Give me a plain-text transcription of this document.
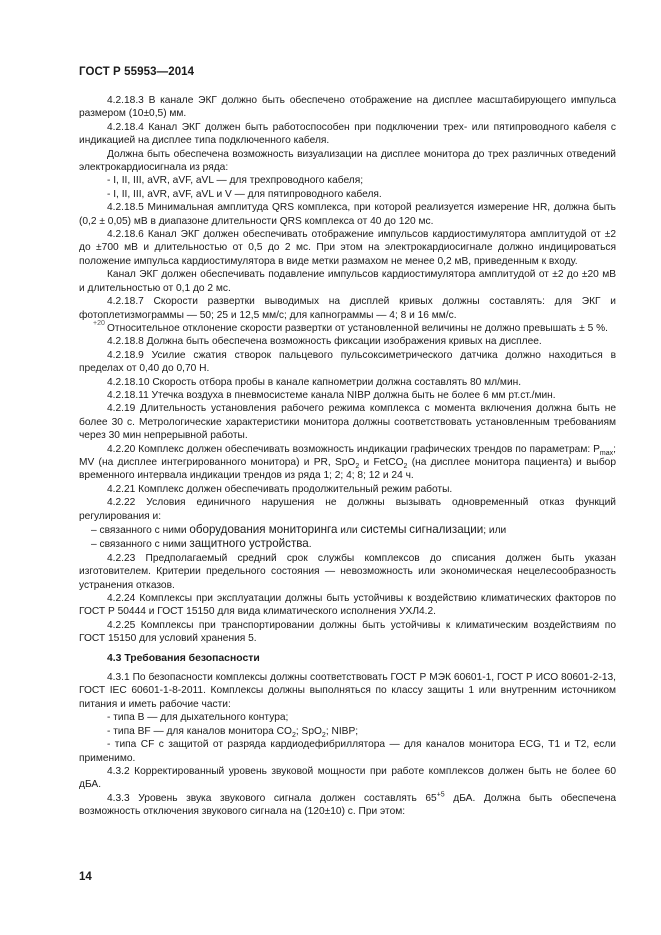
ГОСТ Р 55953—2014
+20

4.2.18.3 В канале ЭКГ должно быть обеспечено отображение на дисплее масштабирующего импульса размером (10±0,5) мм.

4.2.18.4 Канал ЭКГ должен быть работоспособен при подключении трех- или пятипроводного кабеля с индикацией на дисплее типа подключенного кабеля.

Должна быть обеспечена возможность визуализации на дисплее монитора до трех различных отведений электрокардиосигнала из ряда:

- I, II, III, aVR, aVF, aVL — для трехпроводного кабеля;

- I, II, III, aVR, aVF, aVL и V — для пятипроводного кабеля.

4.2.18.5 Минимальная амплитуда QRS комплекса, при которой реализуется измерение HR, должна быть (0,2 ± 0,05) мВ в диапазоне длительности QRS комплекса от 40 до 120 мс.

4.2.18.6 Канал ЭКГ должен обеспечивать отображение импульсов кардиостимулятора амплитудой от ±2 до ±700 мВ и длительностью от 0,5 до 2 мс. При этом на электрокардиосигнале должно индицироваться положение импульса кардиостимулятора в виде метки размахом не менее 0,2 мВ, приведенным к входу.

Канал ЭКГ должен обеспечивать подавление импульсов кардиостимулятора амплитудой от ±2 до ±20 мВ и длительностью от 0,1 до 2 мс.

4.2.18.7 Скорости развертки выводимых на дисплей кривых должны составлять: для ЭКГ и фотоплетизмограммы — 50; 25 и 12,5 мм/с; для капнограммы — 4; 8 и 16 мм/с.

Относительное отклонение скорости развертки от установленной величины не должно превышать ± 5 %.

4.2.18.8 Должна быть обеспечена возможность фиксации изображения кривых на дисплее.

4.2.18.9 Усилие сжатия створок пальцевого пульсоксиметрического датчика должно находиться в пределах от 0,40 до 0,70 Н.

4.2.18.10 Скорость отбора пробы в канале капнометрии должна составлять 80 мл/мин.

4.2.18.11 Утечка воздуха в пневмосистеме канала NIBP должна быть не более 6 мм рт.ст./мин.

4.2.19 Длительность установления рабочего режима комплекса с момента включения должна быть не более 30 с. Метрологические характеристики монитора должны соответствовать установленным требованиям через 30 мин непрерывной работы.

4.2.20 Комплекс должен обеспечивать возможность индикации графических трендов по параметрам: $P_{max}$; MV (на дисплее интегрированного монитора) и PR, SpO$_2$ и FetCO$_2$ (на дисплее монитора пациента) и выбор временного интервала индикации трендов из ряда 1; 2; 4; 8; 12 и 24 ч.

4.2.21 Комплекс должен обеспечивать продолжительный режим работы.

4.2.22 Условия единичного нарушения не должны вызывать одновременный отказ функций регулирования и:

– связанного с ними оборудования мониторинга или системы сигнализации; или

– связанного с ними защитного устройства.

4.2.23 Предполагаемый средний срок службы комплексов до списания должен быть указан изготовителем. Критерии предельного состояния — невозможность или экономическая нецелесообразность устранения отказов.

4.2.24 Комплексы при эксплуатации должны быть устойчивы к воздействию климатических факторов по ГОСТ Р 50444 и ГОСТ 15150 для вида климатического исполнения УХЛ4.2.

4.2.25 Комплексы при транспортировании должны быть устойчивы к климатическим воздействиям по ГОСТ 15150 для условий хранения 5.

4.3 Требования безопасности

4.3.1 По безопасности комплексы должны соответствовать ГОСТ Р МЭК 60601-1, ГОСТ Р ИСО 80601-2-13, ГОСТ IEC 60601-1-8-2011. Комплексы должны выполняться по классу защиты 1 или внутренним источником питания и иметь рабочие части:

- типа B — для дыхательного контура;

- типа BF — для каналов монитора $CO_2$; SpO$_2$; NIBP;

- типа CF с защитой от разряда кардиодефибриллятора — для каналов монитора ECG, T1 и T2, если применимо.

4.3.2 Корректированный уровень звуковой мощности при работе комплексов должен быть не более 60 дБА.

4.3.3 Уровень звука звукового сигнала должен составлять $65^{+5}$ дБА. Должна быть обеспечена возможность отключения звукового сигнала на (120±10) с. При этом:

14
